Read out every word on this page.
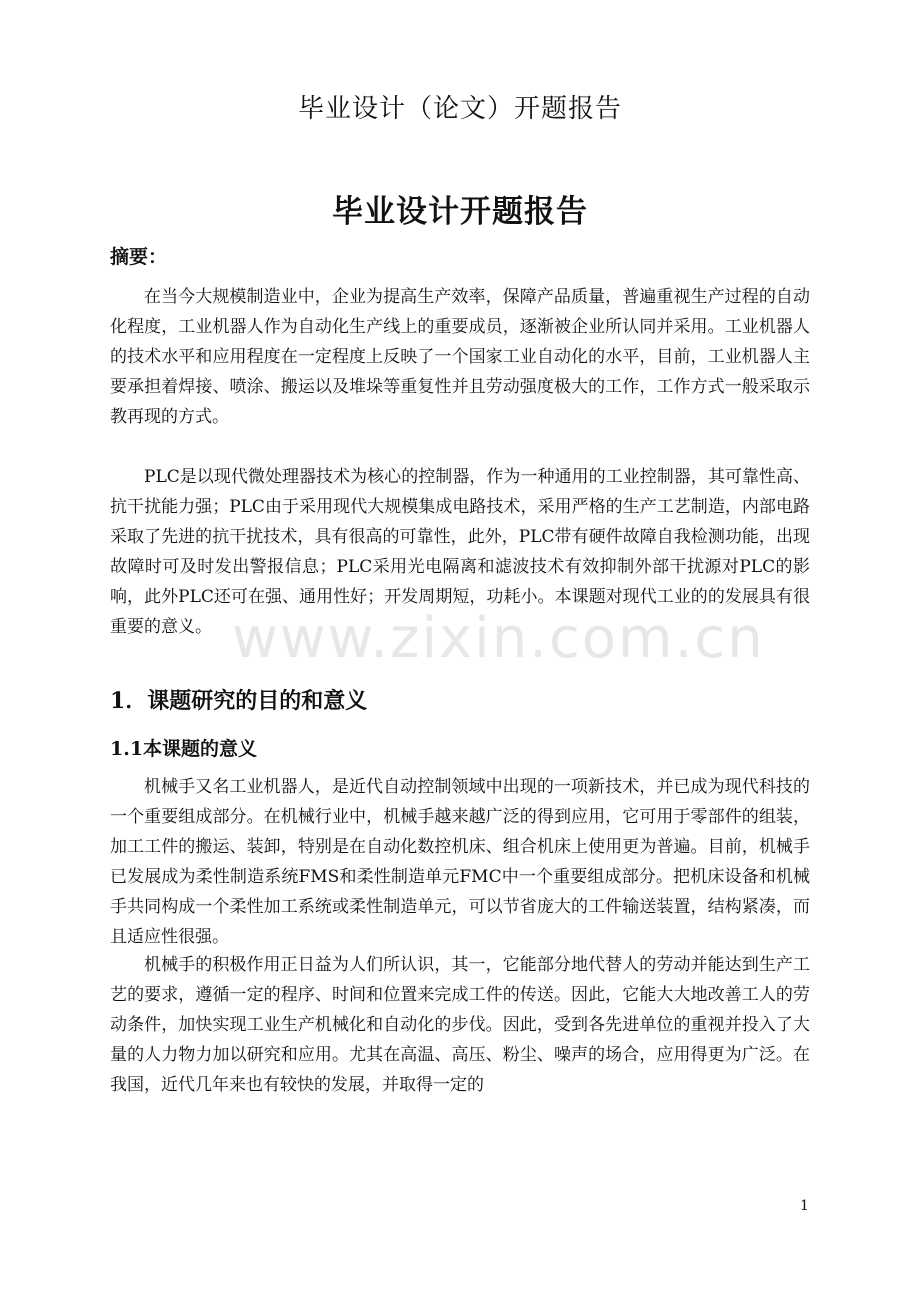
毕业设计（论文）开题报告
毕业设计开题报告
摘要：

在当今大规模制造业中，企业为提高生产效率，保障产品质量，普遍重视生产过程的自动化程度，工业机器人作为自动化生产线上的重要成员，逐渐被企业所认同并采用。工业机器人的技术水平和应用程度在一定程度上反映了一个国家工业自动化的水平，目前，工业机器人主要承担着焊接、喷涂、搬运以及堆垛等重复性并且劳动强度极大的工作，工作方式一般采取示教再现的方式。

PLC是以现代微处理器技术为核心的控制器，作为一种通用的工业控制器，其可靠性高、抗干扰能力强；PLC由于采用现代大规模集成电路技术，采用严格的生产工艺制造，内部电路采取了先进的抗干扰技术，具有很高的可靠性，此外，PLC带有硬件故障自我检测功能，出现故障时可及时发出警报信息；PLC采用光电隔离和滤波技术有效抑制外部干扰源对PLC的影响，此外PLC还可在强、通用性好；开发周期短，功耗小。本课题对现代工业的的发展具有很重要的意义。

1．课题研究的目的和意义
1.1本课题的意义

机械手又名工业机器人，是近代自动控制领域中出现的一项新技术，并已成为现代科技的一个重要组成部分。在机械行业中，机械手越来越广泛的得到应用，它可用于零部件的组装，加工工件的搬运、装卸，特别是在自动化数控机床、组合机床上使用更为普遍。目前，机械手已发展成为柔性制造系统FMS和柔性制造单元FMC中一个重要组成部分。把机床设备和机械手共同构成一个柔性加工系统或柔性制造单元，可以节省庞大的工件输送装置，结构紧凑，而且适应性很强。

机械手的积极作用正日益为人们所认识，其一，它能部分地代替人的劳动并能达到生产工艺的要求，遵循一定的程序、时间和位置来完成工件的传送。因此，它能大大地改善工人的劳动条件，加快实现工业生产机械化和自动化的步伐。因此，受到各先进单位的重视并投入了大量的人力物力加以研究和应用。尤其在高温、高压、粉尘、噪声的场合，应用得更为广泛。在我国，近代几年来也有较快的发展，并取得一定的

www.zixin.com.cn
1
